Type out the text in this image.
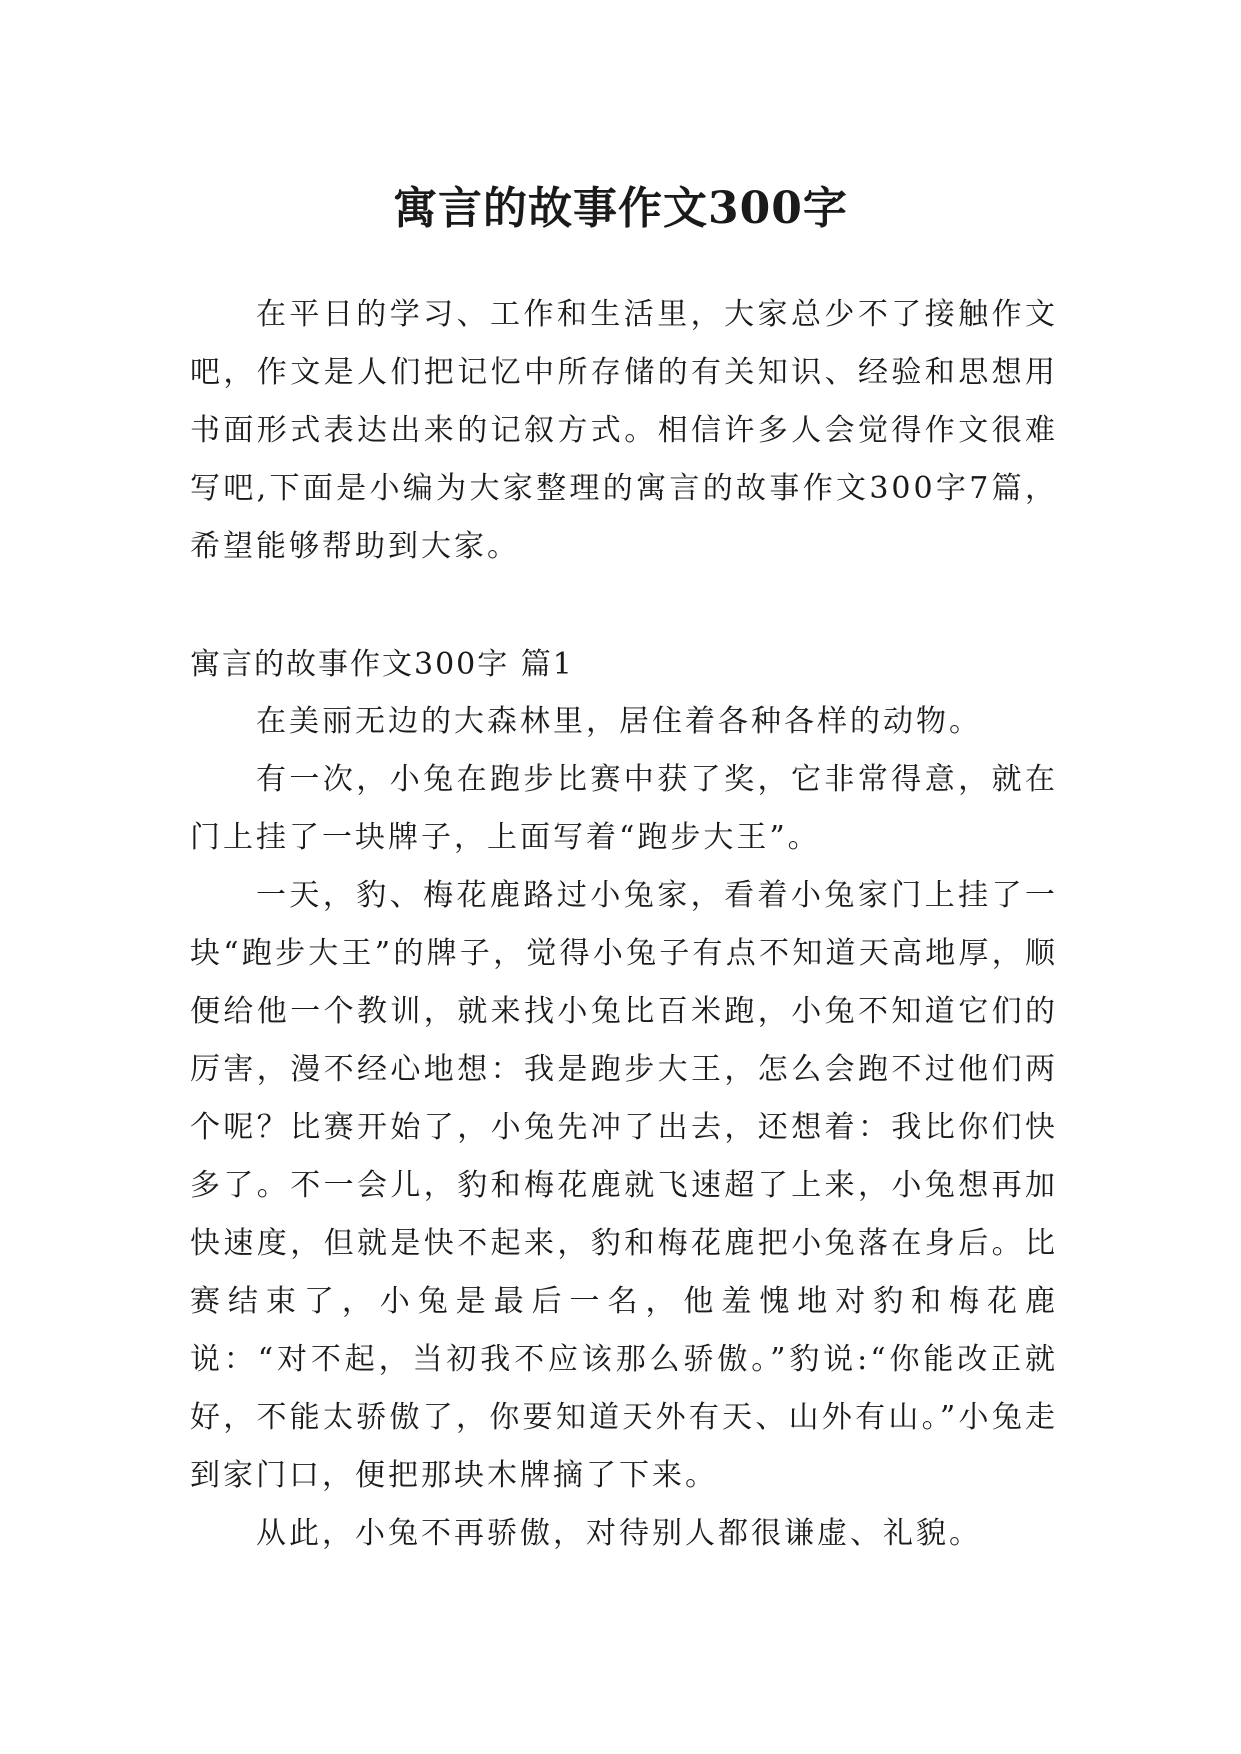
寓言的故事作文300字

在平日的学习、工作和生活里，大家总少不了接触作文吧，作文是人们把记忆中所存储的有关知识、经验和思想用书面形式表达出来的记叙方式。相信许多人会觉得作文很难写吧,下面是小编为大家整理的寓言的故事作文300字7篇，希望能够帮助到大家。

寓言的故事作文300字 篇1

在美丽无边的大森林里，居住着各种各样的动物。

有一次，小兔在跑步比赛中获了奖，它非常得意，就在门上挂了一块牌子，上面写着“跑步大王”。

一天，豹、梅花鹿路过小兔家，看着小兔家门上挂了一块“跑步大王”的牌子，觉得小兔子有点不知道天高地厚，顺便给他一个教训，就来找小兔比百米跑，小兔不知道它们的厉害，漫不经心地想：我是跑步大王，怎么会跑不过他们两个呢？比赛开始了，小兔先冲了出去，还想着：我比你们快多了。不一会儿，豹和梅花鹿就飞速超了上来，小兔想再加快速度，但就是快不起来，豹和梅花鹿把小兔落在身后。比赛结束了，小兔是最后一名，他羞愧地对豹和梅花鹿说：“对不起，当初我不应该那么骄傲。”豹说:“你能改正就好，不能太骄傲了，你要知道天外有天、山外有山。”小兔走到家门口，便把那块木牌摘了下来。

从此，小兔不再骄傲，对待别人都很谦虚、礼貌。
